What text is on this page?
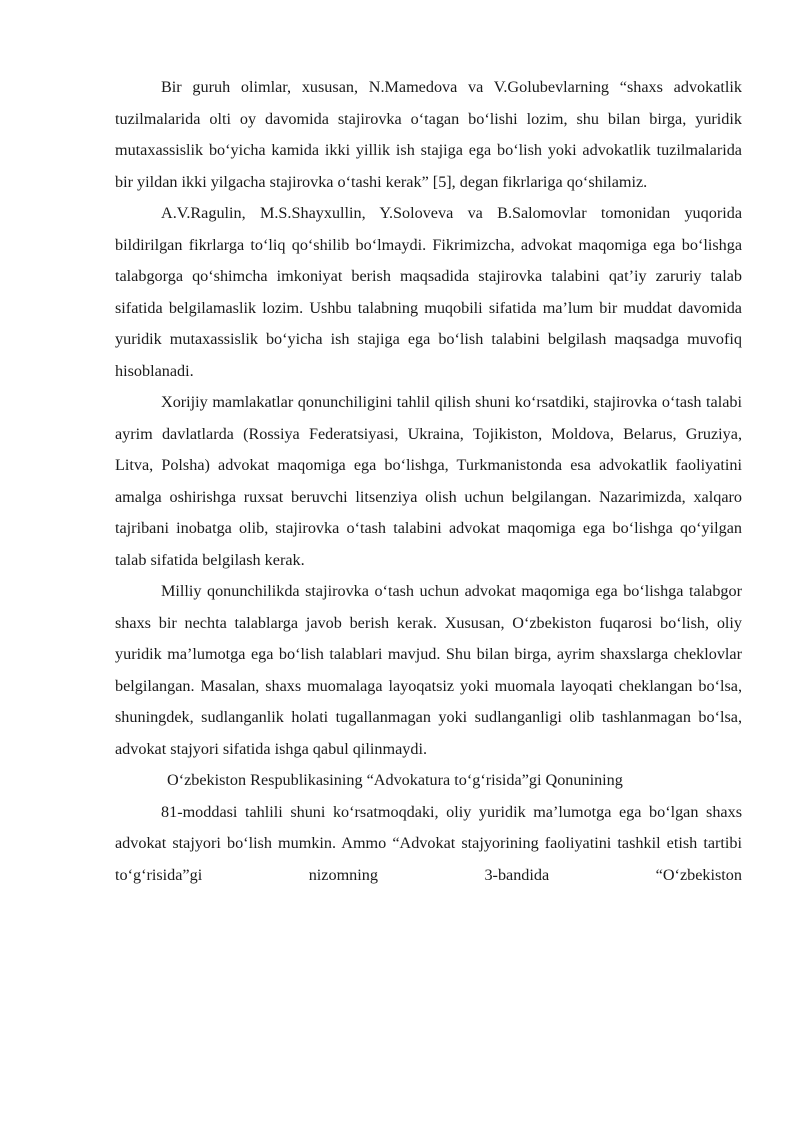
Bir guruh olimlar, xususan, N.Mamedova va V.Golubevlarning “shaxs advokatlik tuzilmalarida olti oy davomida stajirovka o‘tagan bo‘lishi lozim, shu bilan birga, yuridik mutaxassislik bo‘yicha kamida ikki yillik ish stajiga ega bo‘lish yoki advokatlik tuzilmalarida bir yildan ikki yilgacha stajirovka o‘tashi kerak” [5], degan fikrlariga qo‘shilamiz.

A.V.Ragulin, M.S.Shayxullin, Y.Soloveva va B.Salomovlar tomonidan yuqorida bildirilgan fikrlarga to‘liq qo‘shilib bo‘lmaydi. Fikrimizcha, advokat maqomiga ega bo‘lishga talabgorga qo‘shimcha imkoniyat berish maqsadida stajirovka talabini qat’iy zaruriy talab sifatida belgilamaslik lozim. Ushbu talabning muqobili sifatida ma’lum bir muddat davomida yuridik mutaxassislik bo‘yicha ish stajiga ega bo‘lish talabini belgilash maqsadga muvofiq hisoblanadi.

Xorijiy mamlakatlar qonunchiligini tahlil qilish shuni ko‘rsatdiki, stajirovka o‘tash talabi ayrim davlatlarda (Rossiya Federatsiyasi, Ukraina, Tojikiston, Moldova, Belarus, Gruziya, Litva, Polsha) advokat maqomiga ega bo‘lishga, Turkmanistonda esa advokatlik faoliyatini amalga oshirishga ruxsat beruvchi litsenziya olish uchun belgilangan. Nazarimizda, xalqaro tajribani inobatga olib, stajirovka o‘tash talabini advokat maqomiga ega bo‘lishga qo‘yilgan talab sifatida belgilash kerak.

Milliy qonunchilikda stajirovka o‘tash uchun advokat maqomiga ega bo‘lishga talabgor shaxs bir nechta talablarga javob berish kerak. Xususan, O‘zbekiston fuqarosi bo‘lish, oliy yuridik ma’lumotga ega bo‘lish talablari mavjud. Shu bilan birga, ayrim shaxslarga cheklovlar belgilangan. Masalan, shaxs muomalaga layoqatsiz yoki muomala layoqati cheklangan bo‘lsa, shuningdek, sudlanganlik holati tugallanmagan yoki sudlanganligi olib tashlanmagan bo‘lsa, advokat stajyori sifatida ishga qabul qilinmaydi.

O‘zbekiston Respublikasining “Advokatura to‘g‘risida”gi Qonunining

81-moddasi tahlili shuni ko‘rsatmoqdaki, oliy yuridik ma’lumotga ega bo‘lgan shaxs advokat stajyori bo‘lish mumkin. Ammo “Advokat stajyorining faoliyatini tashkil etish tartibi to‘g‘risida”gi nizomning 3-bandida “O‘zbekiston
